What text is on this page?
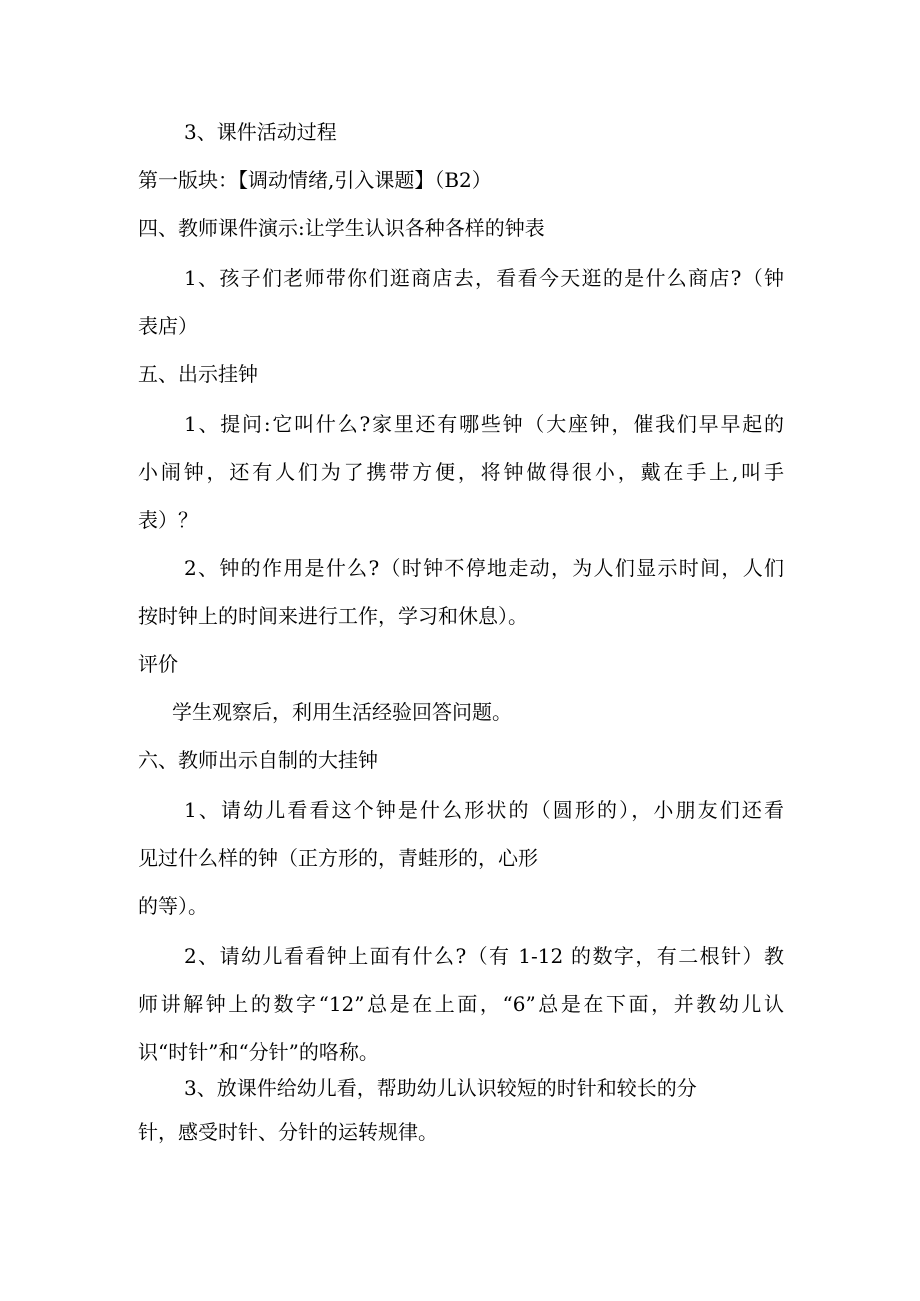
3、课件活动过程

第一版块：【调动情绪,引入课题】（B2）

四、教师课件演示:让学生认识各种各样的钟表

1、孩子们老师带你们逛商店去，看看今天逛的是什么商店?（钟

表店）

五、出示挂钟

1、提问:它叫什么?家里还有哪些钟（大座钟，催我们早早起的

小闹钟，还有人们为了携带方便，将钟做得很小，戴在手上,叫手

表）？

2、钟的作用是什么?（时钟不停地走动，为人们显示时间，人们

按时钟上的时间来进行工作，学习和休息）。

评价

学生观察后，利用生活经验回答问题。

六、教师出示自制的大挂钟

1、请幼儿看看这个钟是什么形状的（圆形的），小朋友们还看

见过什么样的钟（正方形的，青蛙形的，心形

的等）。

2、请幼儿看看钟上面有什么?（有 1-12 的数字，有二根针）教

师讲解钟上的数字“12”总是在上面，“6”总是在下面，并教幼儿认

识“时针”和“分针”的咯称。

3、放课件给幼儿看，帮助幼儿认识较短的时针和较长的分

针，感受时针、分针的运转规律。
